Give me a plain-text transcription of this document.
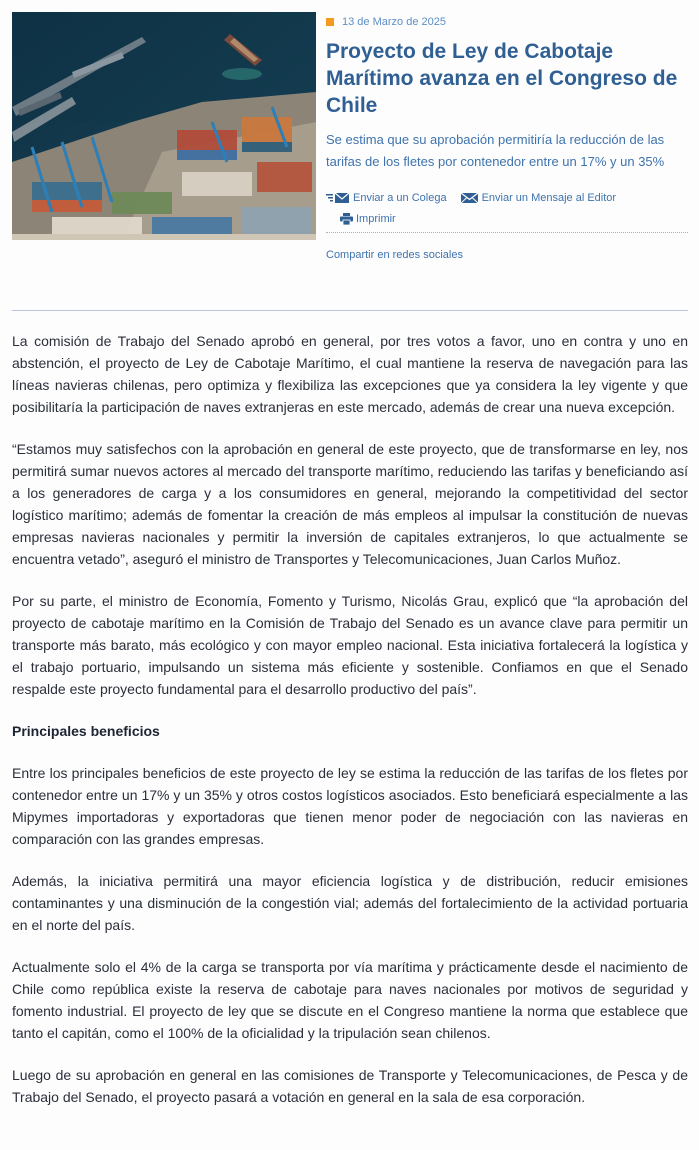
13 de Marzo de 2025
Proyecto de Ley de Cabotaje Marítimo avanza en el Congreso de Chile

Se estima que su aprobación permitiría la reducción de las tarifas de los fletes por contenedor entre un 17% y un 35%

Enviar a un Colega	Enviar un Mensaje al Editor
Imprimir
Compartir en redes sociales

La comisión de Trabajo del Senado aprobó en general, por tres votos a favor, uno en contra y uno en abstención, el proyecto de Ley de Cabotaje Marítimo, el cual mantiene la reserva de navegación para las líneas navieras chilenas, pero optimiza y flexibiliza las excepciones que ya considera la ley vigente y que posibilitaría la participación de naves extranjeras en este mercado, además de crear una nueva excepción.

“Estamos muy satisfechos con la aprobación en general de este proyecto, que de transformarse en ley, nos permitirá sumar nuevos actores al mercado del transporte marítimo, reduciendo las tarifas y beneficiando así a los generadores de carga y a los consumidores en general, mejorando la competitividad del sector logístico marítimo; además de fomentar la creación de más empleos al impulsar la constitución de nuevas empresas navieras nacionales y permitir la inversión de capitales extranjeros, lo que actualmente se encuentra vetado”, aseguró el ministro de Transportes y Telecomunicaciones, Juan Carlos Muñoz.

Por su parte, el ministro de Economía, Fomento y Turismo, Nicolás Grau, explicó que “la aprobación del proyecto de cabotaje marítimo en la Comisión de Trabajo del Senado es un avance clave para permitir un transporte más barato, más ecológico y con mayor empleo nacional. Esta iniciativa fortalecerá la logística y el trabajo portuario, impulsando un sistema más eficiente y sostenible. Confiamos en que el Senado respalde este proyecto fundamental para el desarrollo productivo del país”.

Principales beneficios

Entre los principales beneficios de este proyecto de ley se estima la reducción de las tarifas de los fletes por contenedor entre un 17% y un 35% y otros costos logísticos asociados. Esto beneficiará especialmente a las Mipymes importadoras y exportadoras que tienen menor poder de negociación con las navieras en comparación con las grandes empresas.

Además, la iniciativa permitirá una mayor eficiencia logística y de distribución, reducir emisiones contaminantes y una disminución de la congestión vial; además del fortalecimiento de la actividad portuaria en el norte del país.

Actualmente solo el 4% de la carga se transporta por vía marítima y prácticamente desde el nacimiento de Chile como república existe la reserva de cabotaje para naves nacionales por motivos de seguridad y fomento industrial. El proyecto de ley que se discute en el Congreso mantiene la norma que establece que tanto el capitán, como el 100% de la oficialidad y la tripulación sean chilenos.

Luego de su aprobación en general en las comisiones de Transporte y Telecomunicaciones, de Pesca y de Trabajo del Senado, el proyecto pasará a votación en general en la sala de esa corporación.
